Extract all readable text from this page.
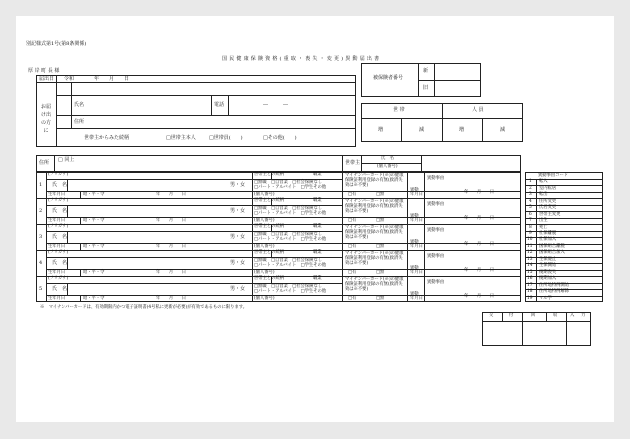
別記様式第1号(第8条関係)
国 民 健 康 保 険 資 格 ( 重 取 ・ 喪 失 ・ 変 更 ) 異 動 届 出 書
厚 岸 町 長 様
届出日 令和	年　　月　　日
お届け出の方に
氏名	電話	―　　　―
住所
世帯主からみた続柄	□世帯主本人	□世帯員(　　)	□その他(　　)
被保険者番号
新
旧
世 帯	人 員
増	減	増	減
住所 □ 同上	世帯主
氏　名
(個人番号)
1
(フリガナ)	世帯主との続柄	職業
氏　名	男・女 □無職　□自営業　□社会保険なし
□パート・アルバイト　□学生その他
生年月日	昭・平・令	年　　月　　日	(個人番号)
マイナンバーカード(※)の健康保険証利用登録の有無(救済失効は※不要)
□有	□無
異動事由
異動
年月日	年　　月　　日
2
(フリガナ)	世帯主との続柄	職業
氏　名	男・女 □無職　□自営業　□社会保険なし
□パート・アルバイト　□学生その他
生年月日	昭・平・令	年　　月　　日	(個人番号)
マイナンバーカード(※)の健康保険証利用登録の有無(救済失効は※不要)
□有	□無
異動事由
異動
年月日	年　　月　　日
3
(フリガナ)	世帯主との続柄	職業
氏　名	男・女 □無職　□自営業　□社会保険なし
□パート・アルバイト　□学生その他
生年月日	昭・平・令	年　　月　　日	(個人番号)
マイナンバーカード(※)の健康保険証利用登録の有無(救済失効は※不要)
□有	□無
異動事由
異動
年月日	年　　月　　日
4
(フリガナ)	世帯主との続柄	職業
氏　名	男・女 □無職　□自営業　□社会保険なし
□パート・アルバイト　□学生その他
生年月日	昭・平・令	年　　月　　日	(個人番号)
マイナンバーカード(※)の健康保険証利用登録の有無(救済失効は※不要)
□有	□無
異動事由
異動
年月日	年　　月　　日
5
(フリガナ)	世帯主との続柄	職業
氏　名	男・女 □無職　□自営業　□社会保険なし
□パート・アルバイト　□学生その他
生年月日	昭・平・令	年　　月　　日	(個人番号)
マイナンバーカード(※)の健康保険証利用登録の有無(救済失効は※不要)
□有	□無
異動事由
異動
年月日	年　　月　　日
異動事由コード
1 転入
2 室内転居
3 転出
4 住所変更
5 氏名変更
6 世帯主変更
7 出生
8 死亡
9 社保離脱
10 社保加入
11 国保組合離脱
12 国保組合加入
13 生保廃止
14 生保開始
15 後期喪失
16 後期加入
17 住所地特例開始
18 住所地特例解除
19 マル学
※　マイナンバーカードは、有効期限内かつ電子証明書(4号私に更新が必要)が有効であるものに限ります。
交	付	回	収	入 力
